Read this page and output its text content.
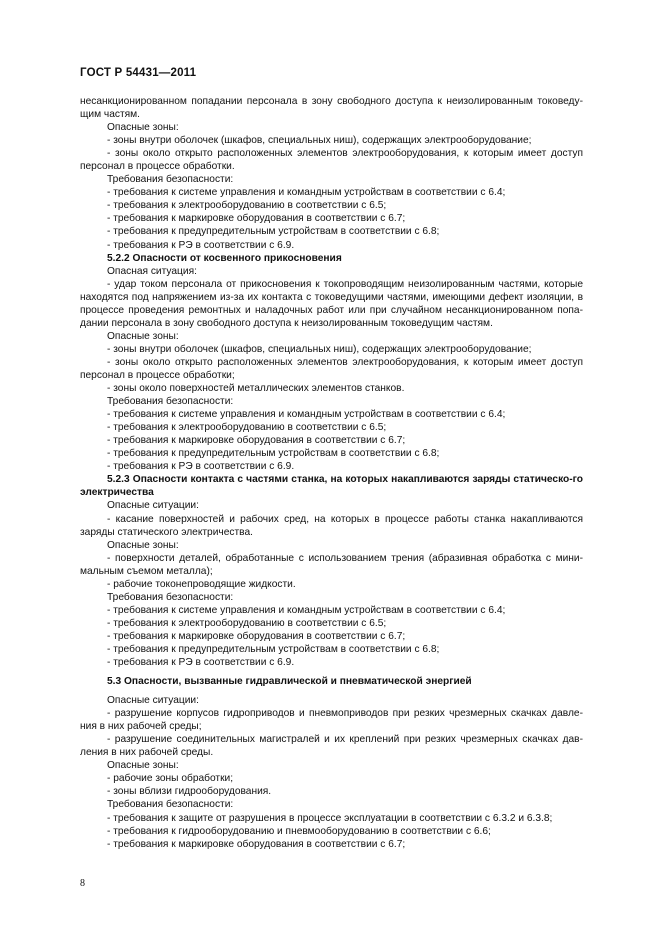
ГОСТ Р 54431—2011

несанкционированном попадании персонала в зону свободного доступа к неизолированным токоведу-щим частям.

Опасные зоны:

- зоны внутри оболочек (шкафов, специальных ниш), содержащих электрооборудование;

- зоны около открыто расположенных элементов электрооборудования, к которым имеет доступ персонал в процессе обработки.

Требования безопасности:

- требования к системе управления и командным устройствам в соответствии с 6.4;

- требования к электрооборудованию в соответствии с 6.5;

- требования к маркировке оборудования в соответствии с 6.7;

- требования к предупредительным устройствам в соответствии с 6.8;

- требования к РЭ в соответствии с 6.9.

5.2.2 Опасности от косвенного прикосновения

Опасная ситуация:

- удар током персонала от прикосновения к токопроводящим неизолированным частями, которые находятся под напряжением из-за их контакта с токоведущими частями, имеющими дефект изоляции, в процессе проведения ремонтных и наладочных работ или при случайном несанкционированном попа-дании персонала в зону свободного доступа к неизолированным токоведущим частям.

Опасные зоны:

- зоны внутри оболочек (шкафов, специальных ниш), содержащих электрооборудование;

- зоны около открыто расположенных элементов электрооборудования, к которым имеет доступ персонал в процессе обработки;

- зоны около поверхностей металлических элементов станков.

Требования безопасности:

- требования к системе управления и командным устройствам в соответствии с 6.4;

- требования к электрооборудованию в соответствии с 6.5;

- требования к маркировке оборудования в соответствии с 6.7;

- требования к предупредительным устройствам в соответствии с 6.8;

- требования к РЭ в соответствии с 6.9.

5.2.3 Опасности контакта с частями станка, на которых накапливаются заряды статическо-го электричества

Опасные ситуации:

- касание поверхностей и рабочих сред, на которых в процессе работы станка накапливаются заряды статического электричества.

Опасные зоны:

- поверхности деталей, обработанные с использованием трения (абразивная обработка с мини-мальным съемом металла);

- рабочие токонепроводящие жидкости.

Требования безопасности:

- требования к системе управления и командным устройствам в соответствии с 6.4;

- требования к электрооборудованию в соответствии с 6.5;

- требования к маркировке оборудования в соответствии с 6.7;

- требования к предупредительным устройствам в соответствии с 6.8;

- требования к РЭ в соответствии с 6.9.

5.3 Опасности, вызванные гидравлической и пневматической энергией

Опасные ситуации:

- разрушение корпусов гидроприводов и пневмоприводов при резких чрезмерных скачках давле-ния в них рабочей среды;

- разрушение соединительных магистралей и их креплений при резких чрезмерных скачках дав-ления в них рабочей среды.

Опасные зоны:

- рабочие зоны обработки;

- зоны вблизи гидрооборудования.

Требования безопасности:

- требования к защите от разрушения в процессе эксплуатации в соответствии с 6.3.2 и 6.3.8;

- требования к гидрооборудованию и пневмооборудованию в соответствии с 6.6;

- требования к маркировке оборудования в соответствии с 6.7;

8
